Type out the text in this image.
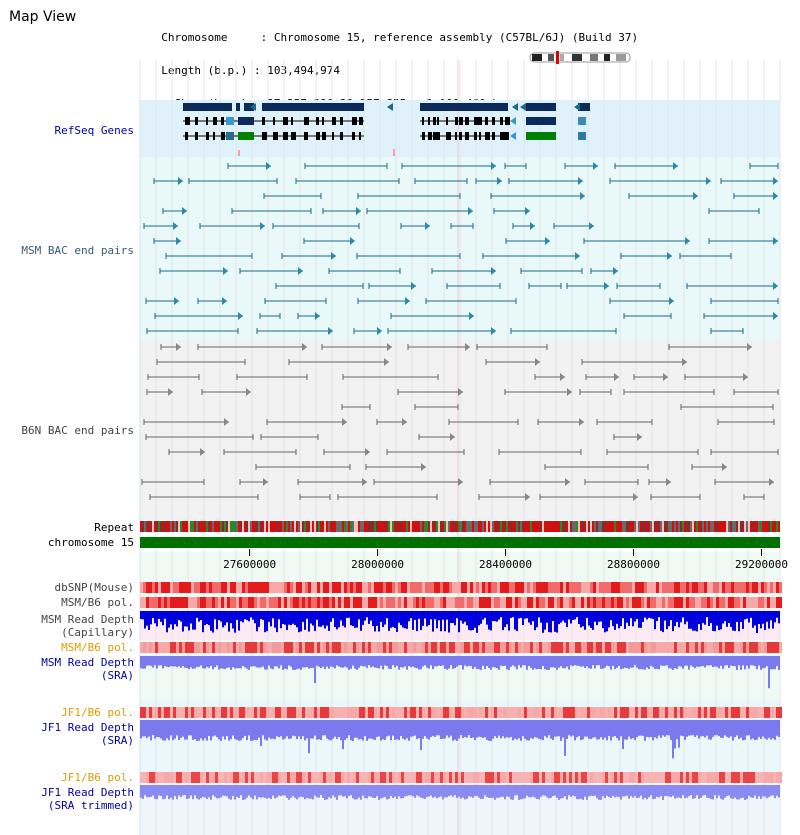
Map View

Chromosome     : Chromosome 15, reference assembly (C57BL/6J) (Build 37)

Length (b.p.) : 103,494,974

27600000	28000000	28400000	28800000	29200000
RefSeq Genes
MSM BAC end pairs
B6N BAC end pairs
Repeat
chromosome 15
dbSNP(Mouse)
MSM/B6 pol.
MSM Read Depth
(Capillary)
MSM/B6 pol.
MSM Read Depth
(SRA)
JF1/B6 pol.
JF1 Read Depth
(SRA)
JF1/B6 pol.
JF1 Read Depth
(SRA trimmed)
